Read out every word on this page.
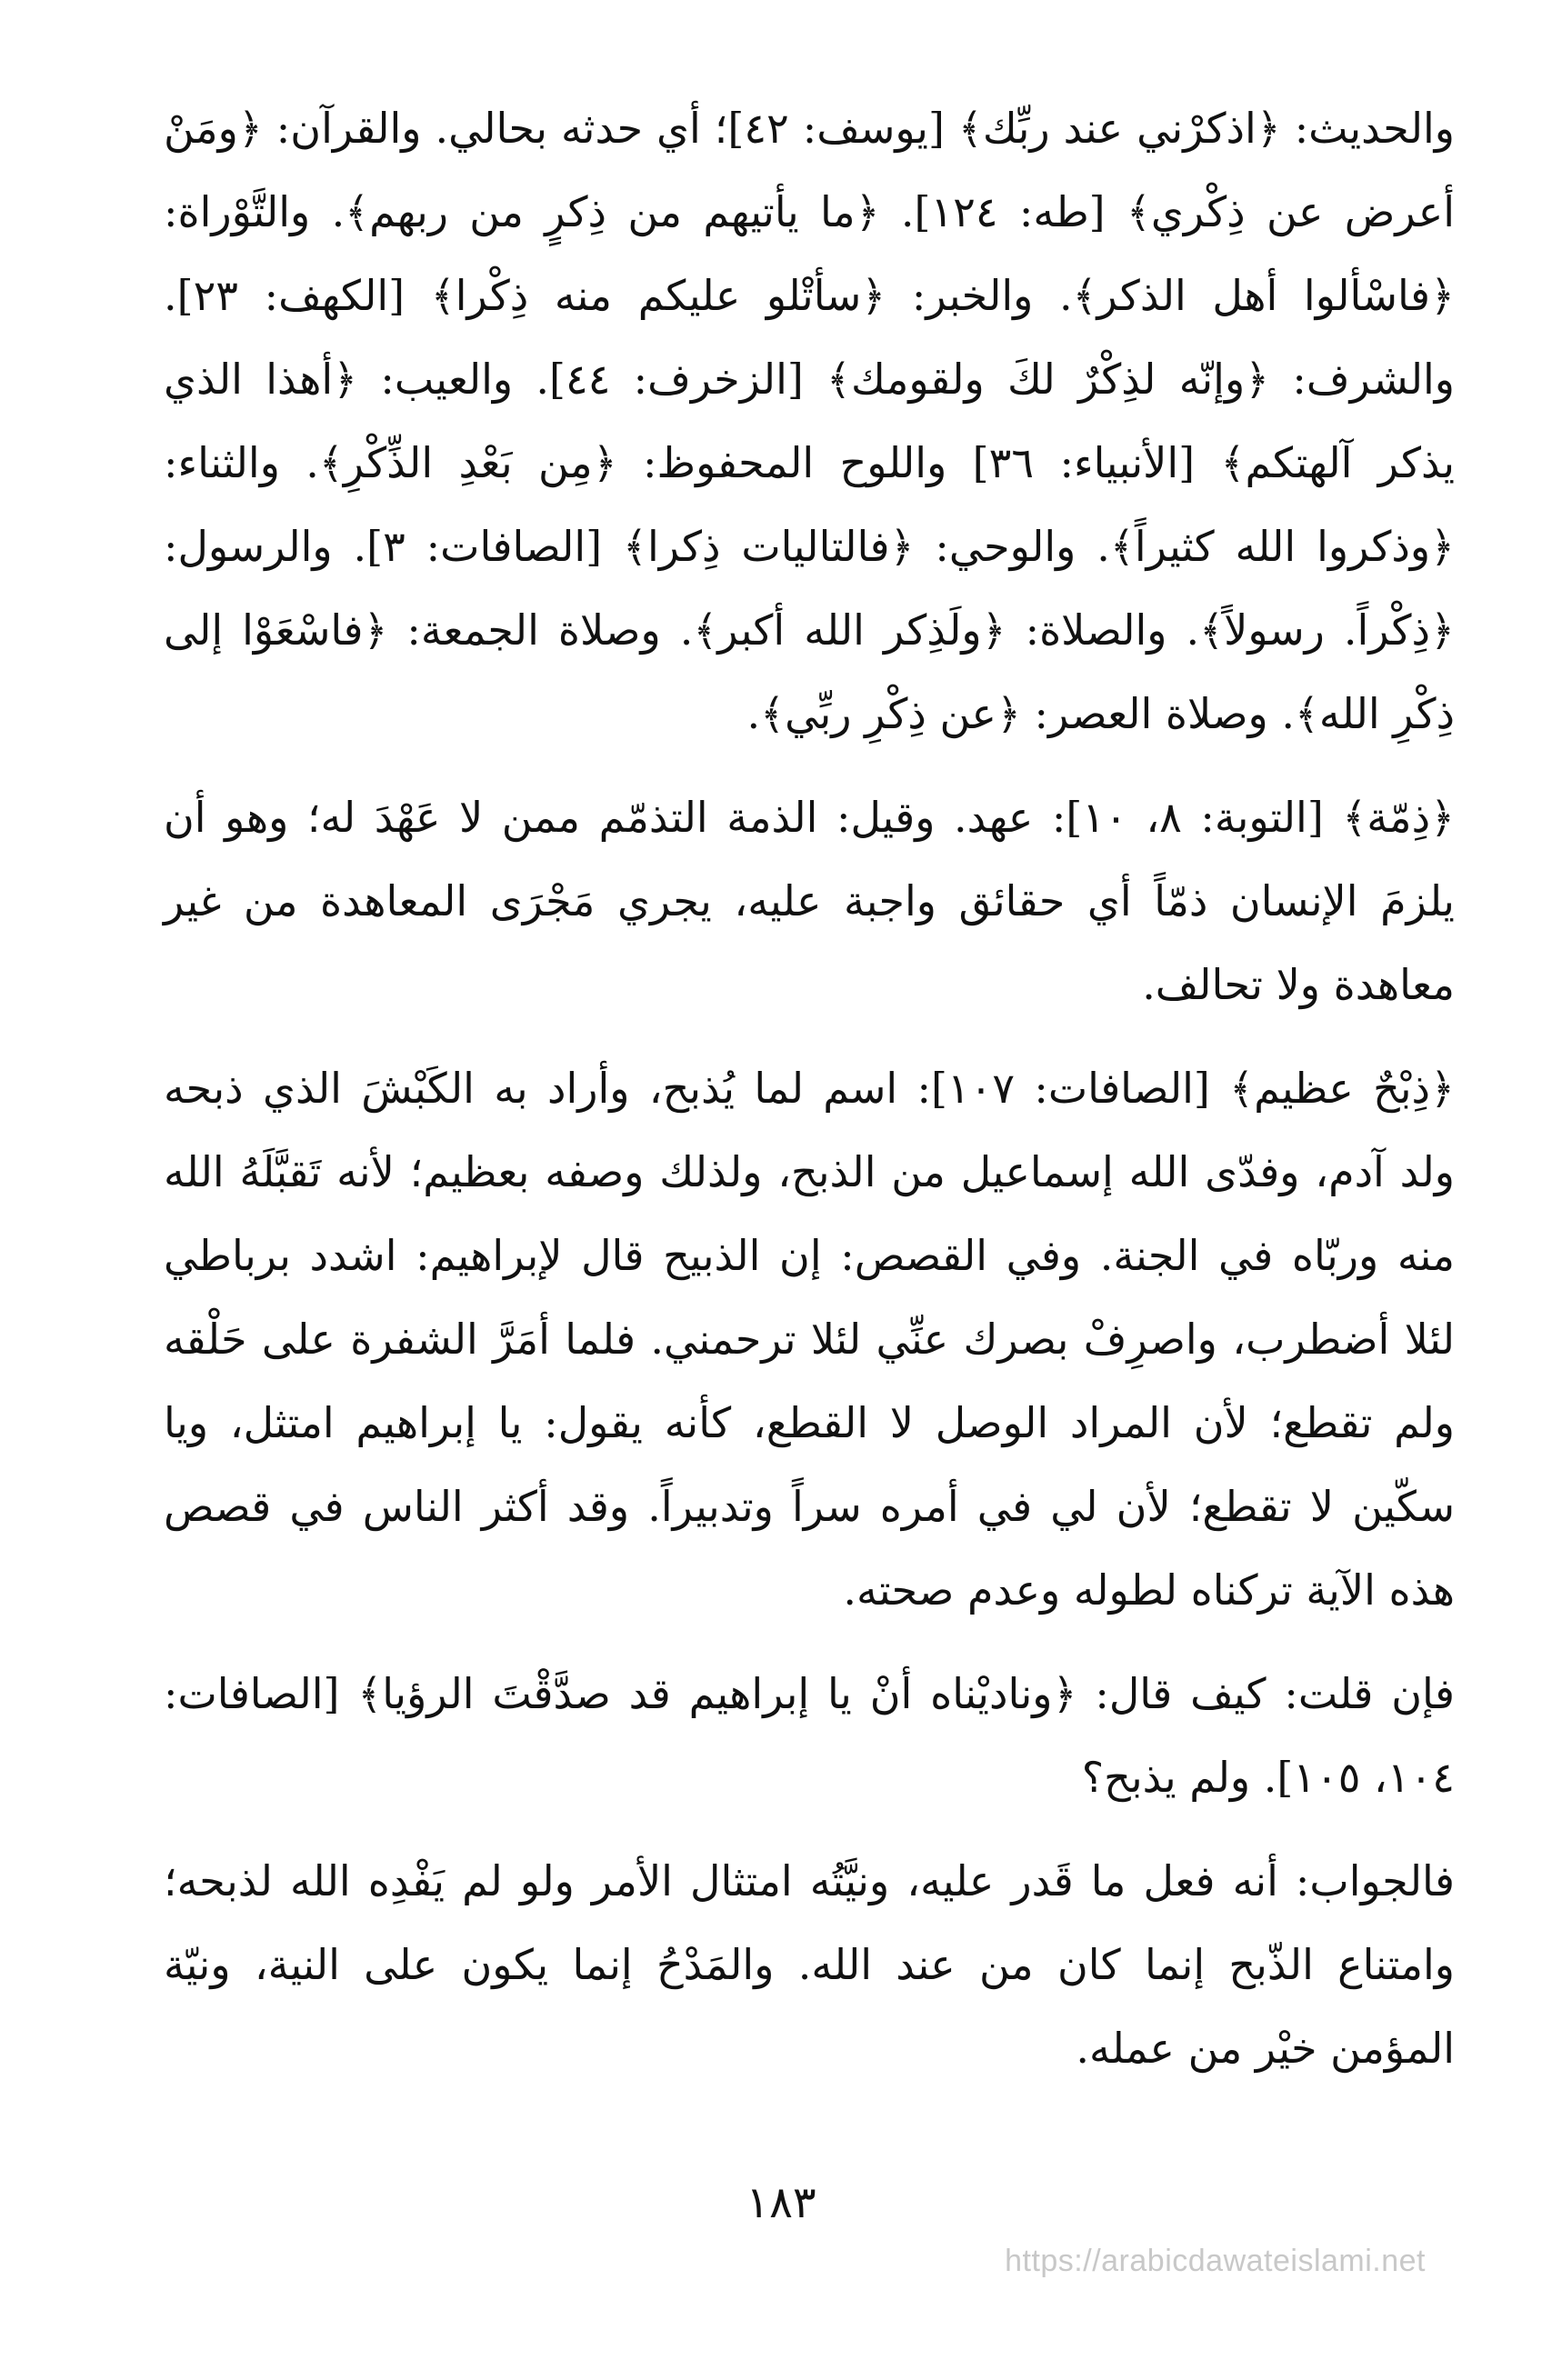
والحديث: ﴿اذكرْني عند ربِّك﴾ [يوسف: ٤٢]؛ أي حدثه بحالي. والقرآن: ﴿ومَنْ أعرض عن ذِكْري﴾ [طه: ١٢٤]. ﴿ما يأتيهم من ذِكرٍ من ربهم﴾. والتَّوْراة: ﴿فاسْألوا أهل الذكر﴾. والخبر: ﴿سأتْلو عليكم منه ذِكْرا﴾ [الكهف: ٢٣]. والشرف: ﴿وإنّه لذِكْرٌ لكَ ولقومك﴾ [الزخرف: ٤٤]. والعيب: ﴿أهذا الذي يذكر آلهتكم﴾ [الأنبياء: ٣٦] واللوح المحفوظ: ﴿مِن بَعْدِ الذِّكْرِ﴾. والثناء: ﴿وذكروا الله كثيراً﴾. والوحي: ﴿فالتاليات ذِكرا﴾ [الصافات: ٣]. والرسول: ﴿ذِكْراً. رسولاً﴾. والصلاة: ﴿ولَذِكر الله أكبر﴾. وصلاة الجمعة: ﴿فاسْعَوْا إلى ذِكْرِ الله﴾. وصلاة العصر: ﴿عن ذِكْرِ ربِّي﴾.

﴿ذِمّة﴾ [التوبة: ٨، ١٠]: عهد. وقيل: الذمة التذمّم ممن لا عَهْدَ له؛ وهو أن يلزمَ الإنسان ذمّاً أي حقائق واجبة عليه، يجري مَجْرَى المعاهدة من غير معاهدة ولا تحالف.

﴿ذِبْحٌ عظيم﴾ [الصافات: ١٠٧]: اسم لما يُذبح، وأراد به الكَبْشَ الذي ذبحه ولد آدم، وفدّى الله إسماعيل من الذبح، ولذلك وصفه بعظيم؛ لأنه تَقبَّلَهُ الله منه وربّاه في الجنة. وفي القصص: إن الذبيح قال لإبراهيم: اشدد برباطي لئلا أضطرب، واصرِفْ بصرك عنِّي لئلا ترحمني. فلما أمَرَّ الشفرة على حَلْقه ولم تقطع؛ لأن المراد الوصل لا القطع، كأنه يقول: يا إبراهيم امتثل، ويا سكّين لا تقطع؛ لأن لي في أمره سراً وتدبيراً. وقد أكثر الناس في قصص هذه الآية تركناه لطوله وعدم صحته.

فإن قلت: كيف قال: ﴿وناديْناه أنْ يا إبراهيم قد صدَّقْتَ الرؤيا﴾ [الصافات: ١٠٤، ١٠٥]. ولم يذبح؟

فالجواب: أنه فعل ما قَدر عليه، ونيَّتُه امتثال الأمر ولو لم يَفْدِه الله لذبحه؛ وامتناع الذّبح إنما كان من عند الله. والمَدْحُ إنما يكون على النية، ونيّة المؤمن خيْر من عمله.

١٨٣
https://arabicdawateislami.net
